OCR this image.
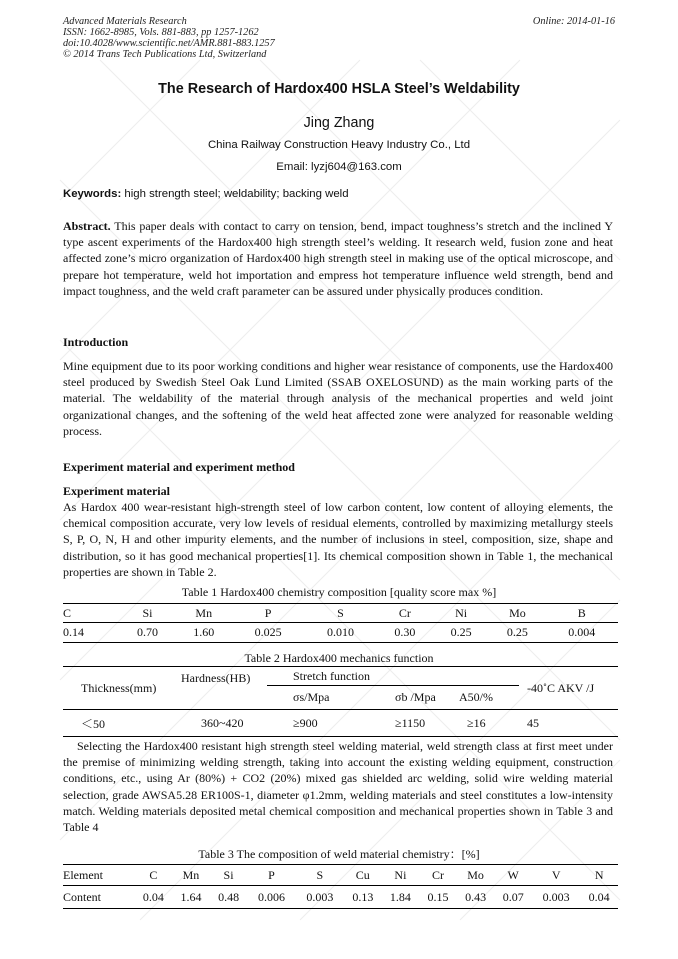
Advanced Materials Research
ISSN: 1662-8985, Vols. 881-883, pp 1257-1262
doi:10.4028/www.scientific.net/AMR.881-883.1257
© 2014 Trans Tech Publications Ltd, Switzerland
Online: 2014-01-16
The Research of Hardox400 HSLA Steel’s Weldability
Jing Zhang
China Railway Construction Heavy Industry Co., Ltd
Email: lyzj604@163.com
Keywords: high strength steel; weldability; backing weld
Abstract. This paper deals with contact to carry on tension, bend, impact toughness’s stretch and the inclined Y type ascent experiments of the Hardox400 high strength steel’s welding. It research weld, fusion zone and heat affected zone’s micro organization of Hardox400 high strength steel in making use of the optical microscope, and prepare hot temperature, weld hot importation and empress hot temperature influence weld strength, bend and impact toughness, and the weld craft parameter can be assured under physically produces condition.
Introduction
Mine equipment due to its poor working conditions and higher wear resistance of components, use the Hardox400 steel produced by Swedish Steel Oak Lund Limited (SSAB OXELOSUND) as the main working parts of the material. The weldability of the material through analysis of the mechanical properties and weld joint organizational changes, and the softening of the weld heat affected zone were analyzed for reasonable welding process.
Experiment material and experiment method
Experiment material
As Hardox 400 wear-resistant high-strength steel of low carbon content, low content of alloying elements, the chemical composition accurate, very low levels of residual elements, controlled by maximizing metallurgy steels S, P, O, N, H and other impurity elements, and the number of inclusions in steel, composition, size, shape and distribution, so it has good mechanical properties[1]. Its chemical composition shown in Table 1, the mechanical properties are shown in Table 2.
Table 1 Hardox400 chemistry composition [quality score max %]
C	Si	Mn	P	S	Cr	Ni	Mo	B
0.14	0.70	1.60	0.025	0.010	0.30	0.25	0.25	0.004
Table 2 Hardox400 mechanics function
Thickness(mm)	Hardness(HB)	Stretch function			-40˚C AKV /J
		σs/Mpa	σb /Mpa	A50/%	
＜50	360~420	≥900	≥1150	≥16	45
Selecting the Hardox400 resistant high strength steel welding material, weld strength class at first meet under the premise of minimizing welding strength, taking into account the existing welding equipment, construction conditions, etc., using Ar (80%) + CO2 (20%) mixed gas shielded arc welding, solid wire welding material selection, grade AWSA5.28 ER100S-1, diameter φ1.2mm, welding materials and steel constitutes a low-intensity match. Welding materials deposited metal chemical composition and mechanical properties shown in Table 3 and Table 4
Table 3 The composition of weld material chemistry：[%]
Element	C	Mn	Si	P	S	Cu	Ni	Cr	Mo	W	V	N
Content	0.04	1.64	0.48	0.006	0.003	0.13	1.84	0.15	0.43	0.07	0.003	0.04
